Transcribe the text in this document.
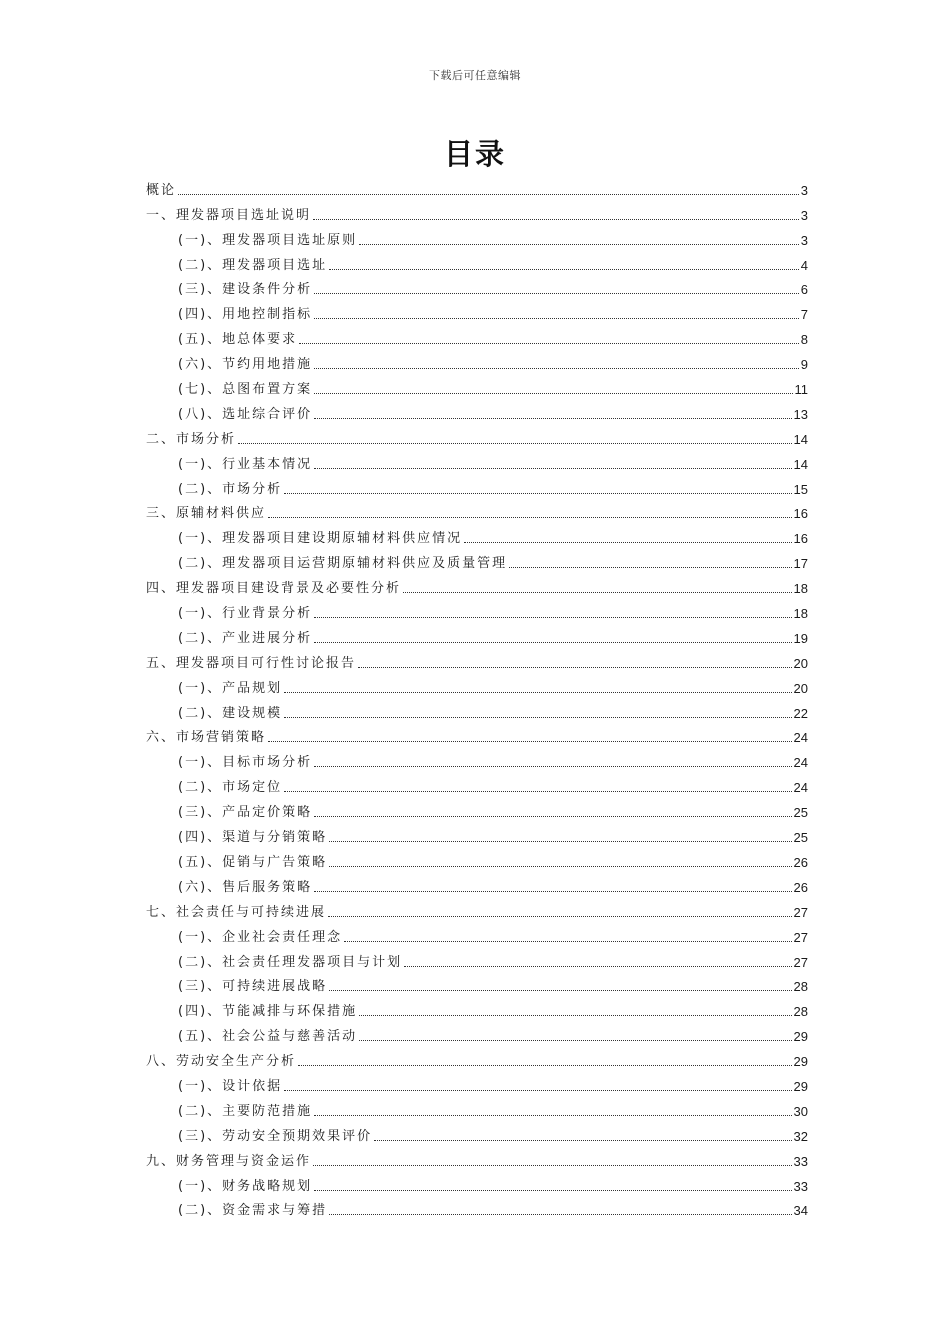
下载后可任意编辑
目录
概论	3
一、理发器项目选址说明	3
(一)、理发器项目选址原则	3
(二)、理发器项目选址	4
(三)、建设条件分析	6
(四)、用地控制指标	7
(五)、地总体要求	8
(六)、节约用地措施	9
(七)、总图布置方案	11
(八)、选址综合评价	13
二、市场分析	14
(一)、行业基本情况	14
(二)、市场分析	15
三、原辅材料供应	16
(一)、理发器项目建设期原辅材料供应情况	16
(二)、理发器项目运营期原辅材料供应及质量管理	17
四、理发器项目建设背景及必要性分析	18
(一)、行业背景分析	18
(二)、产业进展分析	19
五、理发器项目可行性讨论报告	20
(一)、产品规划	20
(二)、建设规模	22
六、市场营销策略	24
(一)、目标市场分析	24
(二)、市场定位	24
(三)、产品定价策略	25
(四)、渠道与分销策略	25
(五)、促销与广告策略	26
(六)、售后服务策略	26
七、社会责任与可持续进展	27
(一)、企业社会责任理念	27
(二)、社会责任理发器项目与计划	27
(三)、可持续进展战略	28
(四)、节能减排与环保措施	28
(五)、社会公益与慈善活动	29
八、劳动安全生产分析	29
(一)、设计依据	29
(二)、主要防范措施	30
(三)、劳动安全预期效果评价	32
九、财务管理与资金运作	33
(一)、财务战略规划	33
(二)、资金需求与筹措	34
